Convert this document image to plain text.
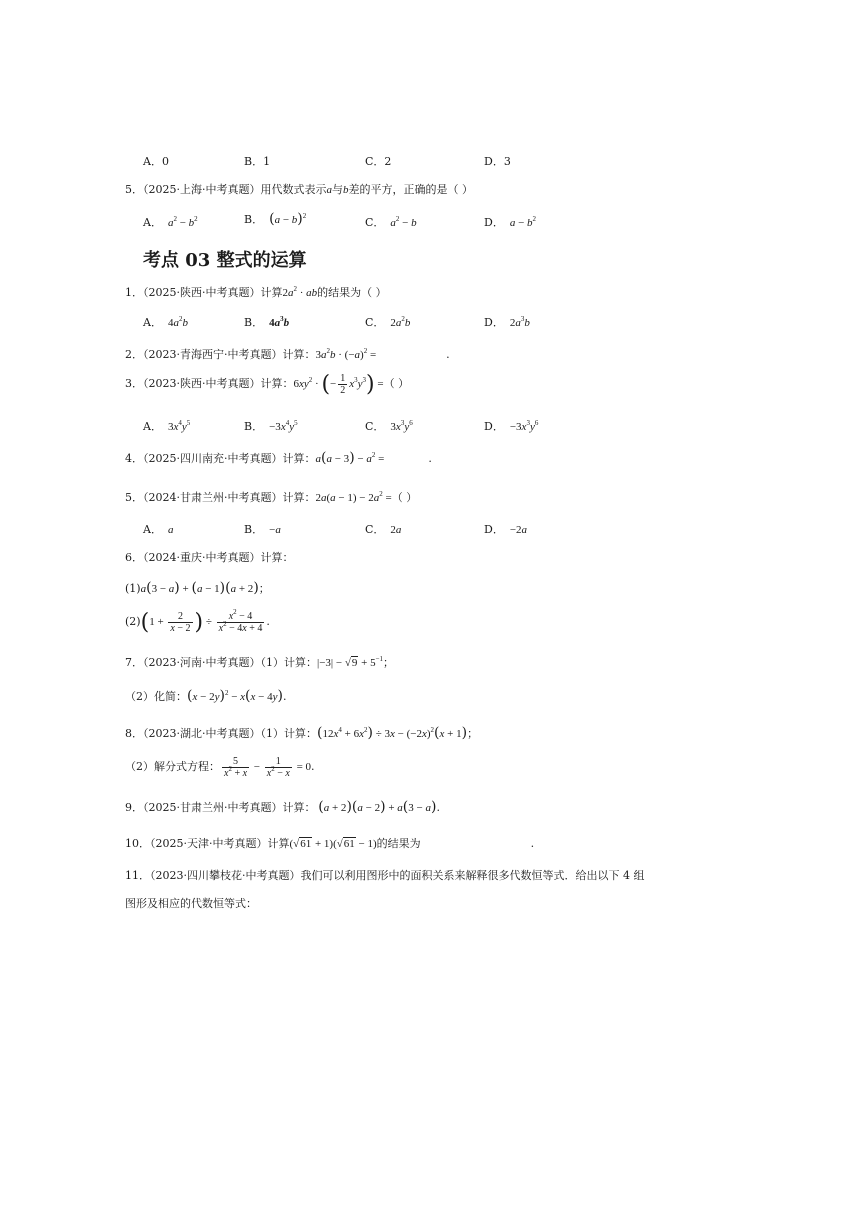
A．0	B．1	C．2	D．3
5．（2025·上海·中考真题）用代数式表示a与b差的平方，正确的是（ ）
A． $a^2 - b^2$	B． $(a - b)^2$	C． $a^2 - b$	D． $a - b^2$
考点 03 整式的运算
1．（2025·陕西·中考真题）计算$2a^2$ · ab的结果为（ ）
A． $4a^2b$	B． $4a^3b$	C． $2a^2b$	D． $2a^3b$
2．（2023·青海西宁·中考真题）计算：$3a^2b \cdot (-a)^2$ =	.
3．（2023·陕西·中考真题）计算：$6xy^2$ · (− $\frac{1}{2} x^3y^3$) =（ ）
A． $3x^4y^5$	B． $-3x^4y^5$	C． $3x^3y^6$	D． $-3x^3y^6$
4．（2025·四川南充·中考真题）计算：$a(a - 3) - a^2$ =	.
5．（2024·甘肃兰州·中考真题）计算：$2a(a - 1) - 2a^2$ =（ ）
A． a	B． −a	C． 2a	D． −2a
6．（2024·重庆·中考真题）计算：
(1)a(3 − a) + (a − 1)(a + 2)；
$(2)(1 + \frac{2}{x - 2}$ ) ÷ $\frac{x^2 - 4}{x^2 - 4x + 4}$ .
7．（2023·河南·中考真题）（1）计算：$|-3| - √9 + 5^{-1}$；
（2）化简：$(x - 2y)^2 - x(x - 4y)$.
8．（2023·湖北·中考真题）（1）计算：$(12x^4 + 6x^2) \div 3x - (-2x)^2(x + 1)$；
（2）解分式方程： $\frac{5}{x^2 + x} - \frac{1}{x^2 - x} = 0$.
9．（2025·甘肃兰州·中考真题）计算： (a + 2)(a − 2) + a(3 − a).
10．（2025·天津·中考真题）计算(√61 + 1)(√61 − 1)的结果为	.
11．（2023·四川攀枝花·中考真题）我们可以利用图形中的面积关系来解释很多代数恒等式．给出以下 4 组
图形及相应的代数恒等式：
